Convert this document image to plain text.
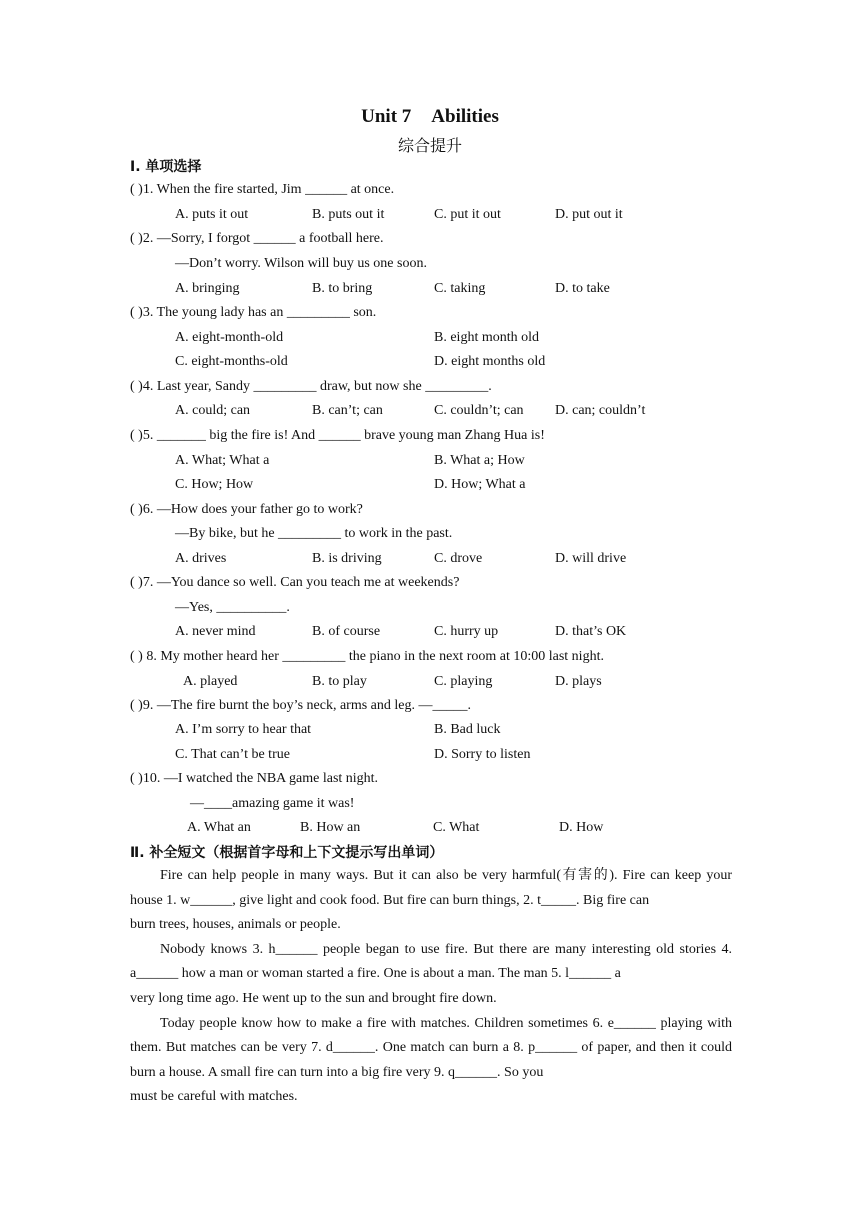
Unit 7 Abilities
综合提升
Ⅰ. 单项选择
( )1. When the fire started, Jim ______ at once.
A. puts it out	B. puts out it	C. put it out	D. put out it
( )2. —Sorry, I forgot ______ a football here.
—Don’t worry. Wilson will buy us one soon.
A. bringing	B. to bring	C. taking	D. to take
( )3. The young lady has an _________ son.
A. eight-month-old	B. eight month old
C. eight-months-old	D. eight months old
( )4. Last year, Sandy _________ draw, but now she _________.
A. could; can	B. can’t; can	C. couldn’t; can D. can; couldn’t
( )5. _______ big the fire is! And ______ brave young man Zhang Hua is!
A. What; What a	B. What a; How
C. How; How	D. How; What a
( )6. —How does your father go to work?
—By bike, but he _________ to work in the past.
A. drives	B. is driving	C. drove	D. will drive
( )7. —You dance so well. Can you teach me at weekends?
—Yes, __________.
A. never mind	B. of course	C. hurry up	D. that’s OK
( ) 8. My mother heard her _________ the piano in the next room at 10:00 last night.
A. played	B. to play	C. playing	D. plays
( )9. —The fire burnt the boy’s neck, arms and leg. —_____.
A. I’m sorry to hear that	B. Bad luck
C. That can’t be true	D. Sorry to listen
( )10. —I watched the NBA game last night.
—____amazing game it was!
A. What an	B. How an	C. What	D. How
Ⅱ. 补全短文（根据首字母和上下文提示写出单词）

Fire can help people in many ways. But it can also be very harmful(有害的). Fire can keep your house 1. w______, give light and cook food. But fire can burn things, 2. t_____. Big fire can

burn trees, houses, animals or people.

Nobody knows 3. h______ people began to use fire. But there are many interesting old stories 4. a______ how a man or woman started a fire. One is about a man. The man 5. l______ a

very long time ago. He went up to the sun and brought fire down.

Today people know how to make a fire with matches. Children sometimes 6. e______ playing with them. But matches can be very 7. d______. One match can burn a 8. p______ of paper, and then it could burn a house. A small fire can turn into a big fire very 9. q______. So you

must be careful with matches.
